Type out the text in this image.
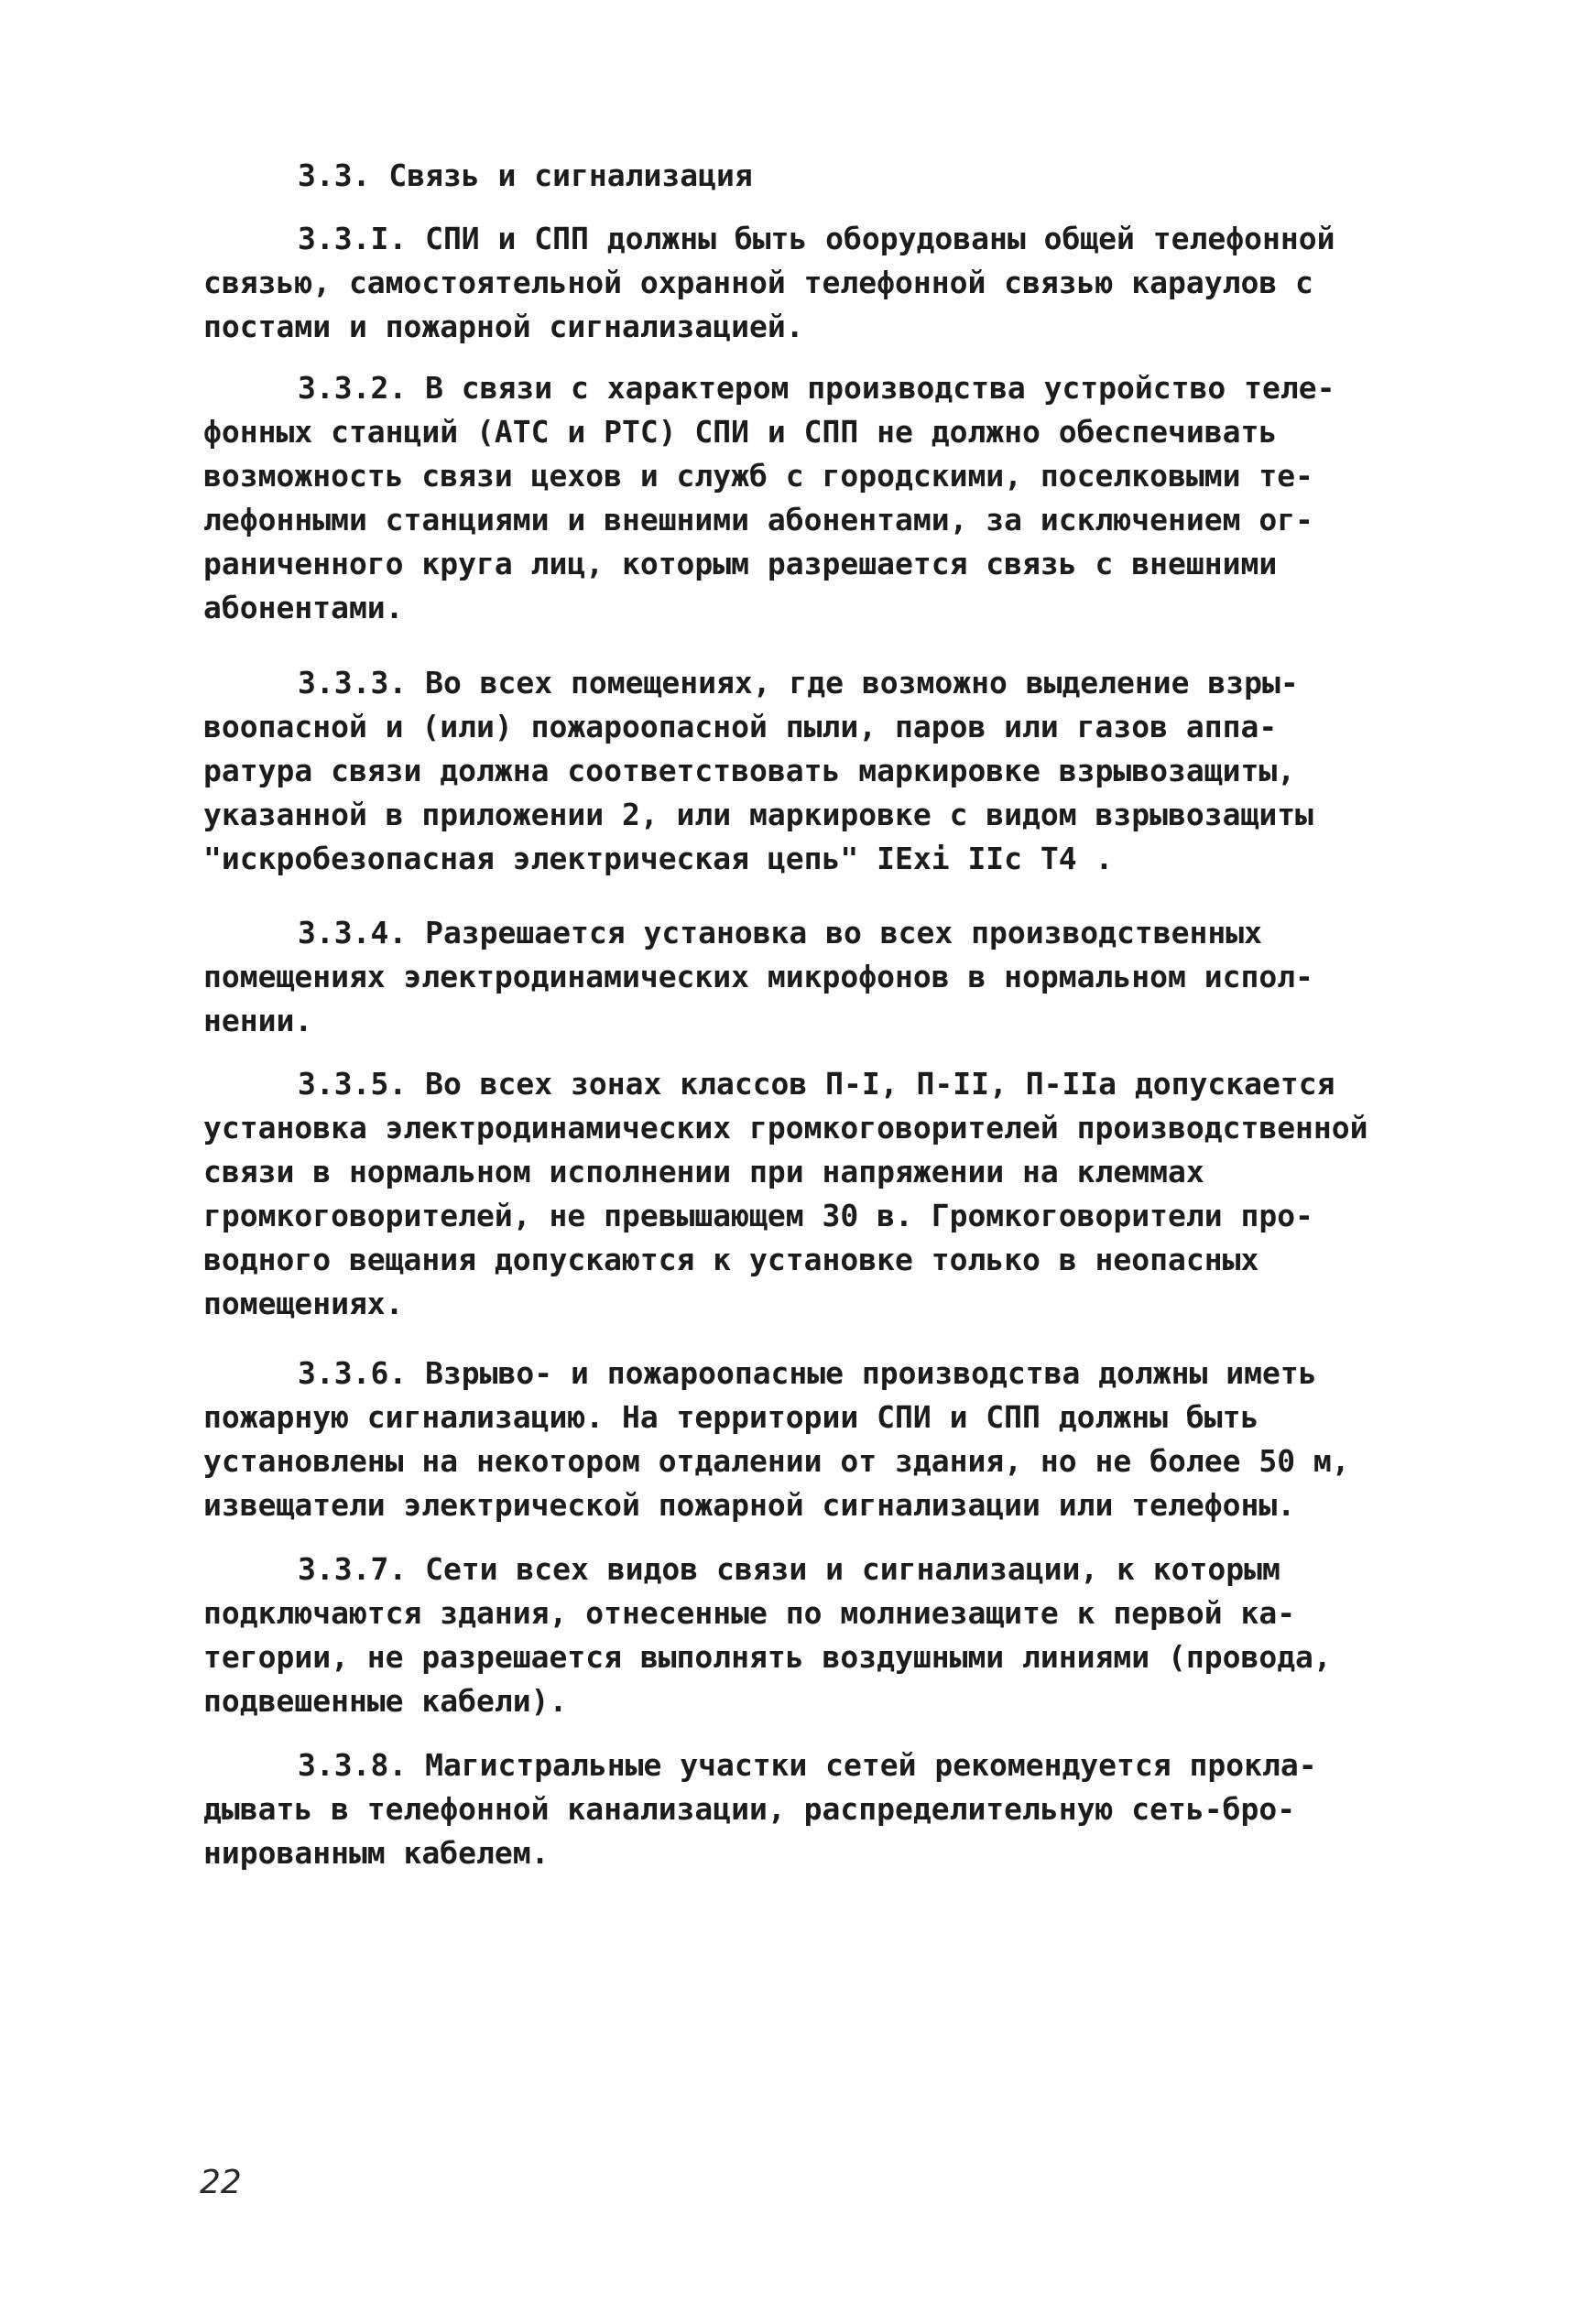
3.3. Связь и сигнализация
3.3.I. СПИ и СПП должны быть оборудованы общей телефонной
связью, самостоятельной охранной телефонной связью караулов с
постами и пожарной сигнализацией.
3.3.2. В связи с характером производства устройство теле-
фонных станций (АТС и РТС) СПИ и СПП не должно обеспечивать
возможность связи цехов и служб с городскими, поселковыми те-
лефонными станциями и внешними абонентами, за исключением ог-
раниченного круга лиц, которым разрешается связь с внешними
абонентами.
3.3.3. Во всех помещениях, где возможно выделение взры-
воопасной и (или) пожароопасной пыли, паров или газов аппа-
ратура связи должна соответствовать маркировке взрывозащиты,
указанной в приложении 2, или маркировке с видом взрывозащиты
"искробезопасная электрическая цепь" IExi IIc T4 .
3.3.4. Разрешается установка во всех производственных
помещениях электродинамических микрофонов в нормальном испол-
нении.
3.3.5. Во всех зонах классов П-I, П-II, П-IIа допускается
установка электродинамических громкоговорителей производственной
связи в нормальном исполнении при напряжении на клеммах
громкоговорителей, не превышающем 30 в. Громкоговорители про-
водного вещания допускаются к установке только в неопасных
помещениях.
3.3.6. Взрыво- и пожароопасные производства должны иметь
пожарную сигнализацию. На территории СПИ и СПП должны быть
установлены на некотором отдалении от здания, но не более 50 м,
извещатели электрической пожарной сигнализации или телефоны.
3.3.7. Сети всех видов связи и сигнализации, к которым
подключаются здания, отнесенные по молниезащите к первой ка-
тегории, не разрешается выполнять воздушными линиями (провода,
подвешенные кабели).
3.3.8. Магистральные участки сетей рекомендуется прокла-
дывать в телефонной канализации, распределительную сеть-бро-
нированным кабелем.
22
